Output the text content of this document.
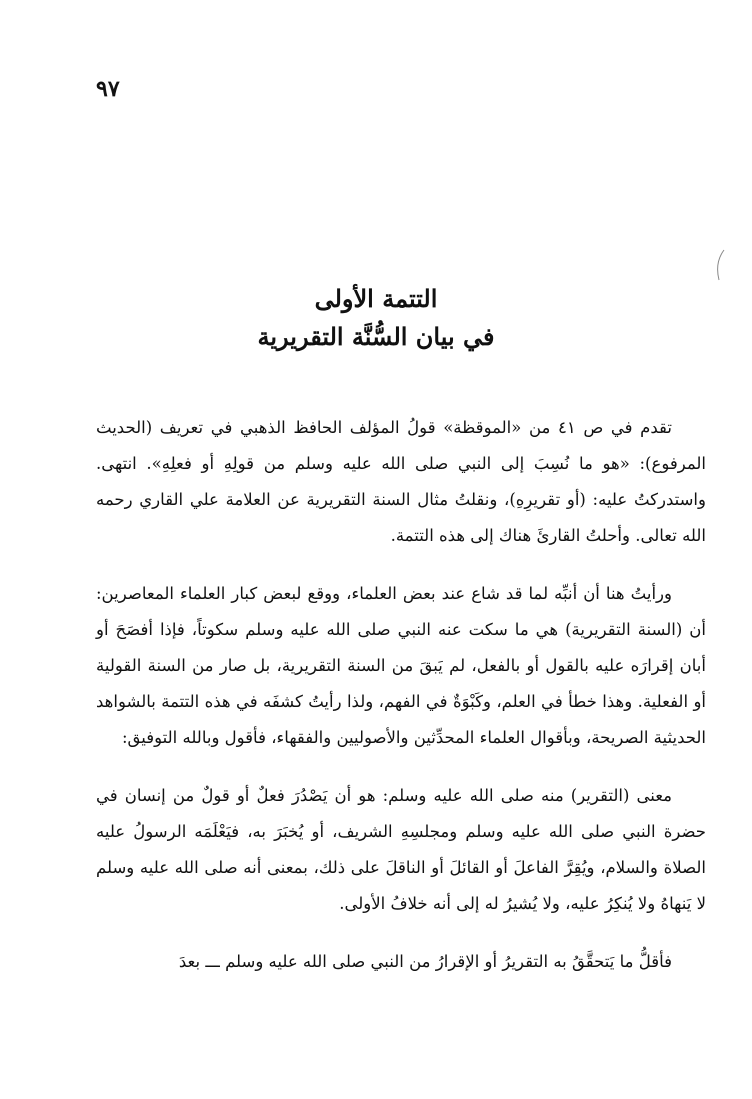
٩٧

التتمة الأولى

في بيان السُّنَّة التقريرية

تقدم في ص ٤١ من «الموقظة» قولُ المؤلف الحافظ الذهبي في تعريف (الحديث المرفوع): «هو ما نُسِبَ إلى النبي صلى الله عليه وسلم من قولِهِ أو فعلِهِ». انتهى. واستدركتُ عليه: (أو تقريرِهِ)، ونقلتُ مثال السنة التقريرية عن العلامة علي القاري رحمه الله تعالى. وأحلتُ القارئَ هناك إلى هذه التتمة.

ورأيتُ هنا أن أنبِّه لما قد شاع عند بعض العلماء، ووقع لبعض كبار العلماء المعاصرين: أن (السنة التقريرية) هي ما سكت عنه النبي صلى الله عليه وسلم سكوتاً، فإذا أفصَحَ أو أبان إقرارَه عليه بالقول أو بالفعل، لم يَبقَ من السنة التقريرية، بل صار من السنة القولية أو الفعلية. وهذا خطأ في العلم، وكَبْوَةٌ في الفهم، ولذا رأيتُ كشفَه في هذه التتمة بالشواهد الحديثية الصريحة، وبأقوال العلماء المحدِّثين والأصوليين والفقهاء، فأقول وبالله التوفيق:

معنى (التقرير) منه صلى الله عليه وسلم: هو أن يَصْدُرَ فعلٌ أو قولٌ من إنسان في حضرة النبي صلى الله عليه وسلم ومجلسِهِ الشريف، أو يُخبَرَ به، فيَعْلَمَه الرسولُ عليه الصلاة والسلام، ويُقِرَّ الفاعلَ أو القائلَ أو الناقلَ على ذلك، بمعنى أنه صلى الله عليه وسلم لا يَنهاهُ ولا يُنكِرُ عليه، ولا يُشيرُ له إلى أنه خلافُ الأولى.

فأقلُّ ما يَتحقَّقُ به التقريرُ أو الإقرارُ من النبي صلى الله عليه وسلم ـــ بعدَ
